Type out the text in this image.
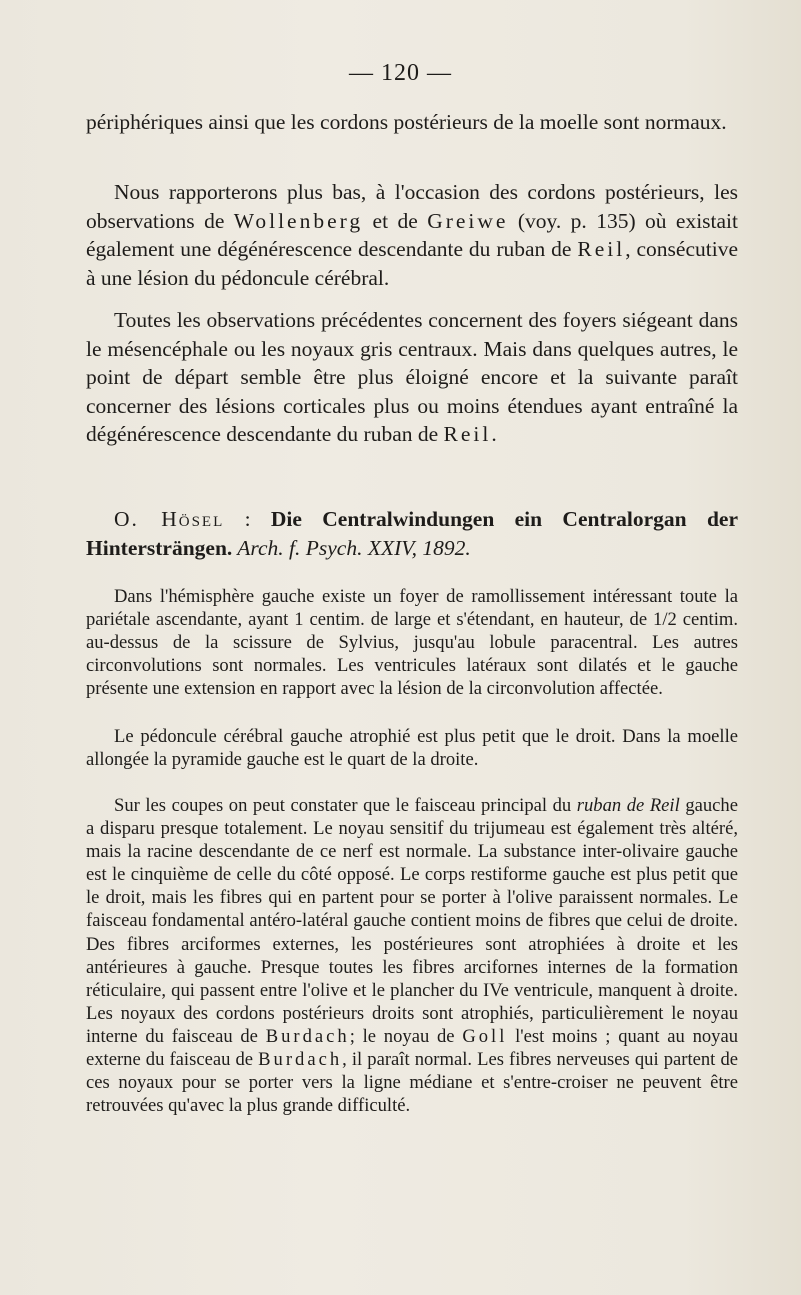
— 120 —

périphériques ainsi que les cordons postérieurs de la moelle sont normaux.

Nous rapporterons plus bas, à l'occasion des cordons postérieurs, les observations de Wollenberg et de Greiwe (voy. p. 135) où existait également une dégénérescence descendante du ruban de Reil, consécutive à une lésion du pédoncule cérébral.

Toutes les observations précédentes concernent des foyers siégeant dans le mésencéphale ou les noyaux gris centraux. Mais dans quelques autres, le point de départ semble être plus éloigné encore et la suivante paraît concerner des lésions corticales plus ou moins étendues ayant entraîné la dégénérescence descendante du ruban de Reil.

O. Hösel : Die Centralwindungen ein Centralorgan der Hintersträngen. Arch. f. Psych. XXIV, 1892.

Dans l'hémisphère gauche existe un foyer de ramollissement intéressant toute la pariétale ascendante, ayant 1 centim. de large et s'étendant, en hauteur, de 1/2 centim. au-dessus de la scissure de Sylvius, jusqu'au lobule paracentral. Les autres circonvolutions sont normales. Les ventricules latéraux sont dilatés et le gauche présente une extension en rapport avec la lésion de la circonvolution affectée.

Le pédoncule cérébral gauche atrophié est plus petit que le droit. Dans la moelle allongée la pyramide gauche est le quart de la droite.

Sur les coupes on peut constater que le faisceau principal du ruban de Reil gauche a disparu presque totalement. Le noyau sensitif du trijumeau est également très altéré, mais la racine descendante de ce nerf est normale. La substance inter-olivaire gauche est le cinquième de celle du côté opposé. Le corps restiforme gauche est plus petit que le droit, mais les fibres qui en partent pour se porter à l'olive paraissent normales. Le faisceau fondamental antéro-latéral gauche contient moins de fibres que celui de droite. Des fibres arciformes externes, les postérieures sont atrophiées à droite et les antérieures à gauche. Presque toutes les fibres arcifornes internes de la formation réticulaire, qui passent entre l'olive et le plancher du IVe ventricule, manquent à droite. Les noyaux des cordons postérieurs droits sont atrophiés, particulièrement le noyau interne du faisceau de Burdach; le noyau de Goll l'est moins ; quant au noyau externe du faisceau de Burdach, il paraît normal. Les fibres nerveuses qui partent de ces noyaux pour se porter vers la ligne médiane et s'entre-croiser ne peuvent être retrouvées qu'avec la plus grande difficulté.
